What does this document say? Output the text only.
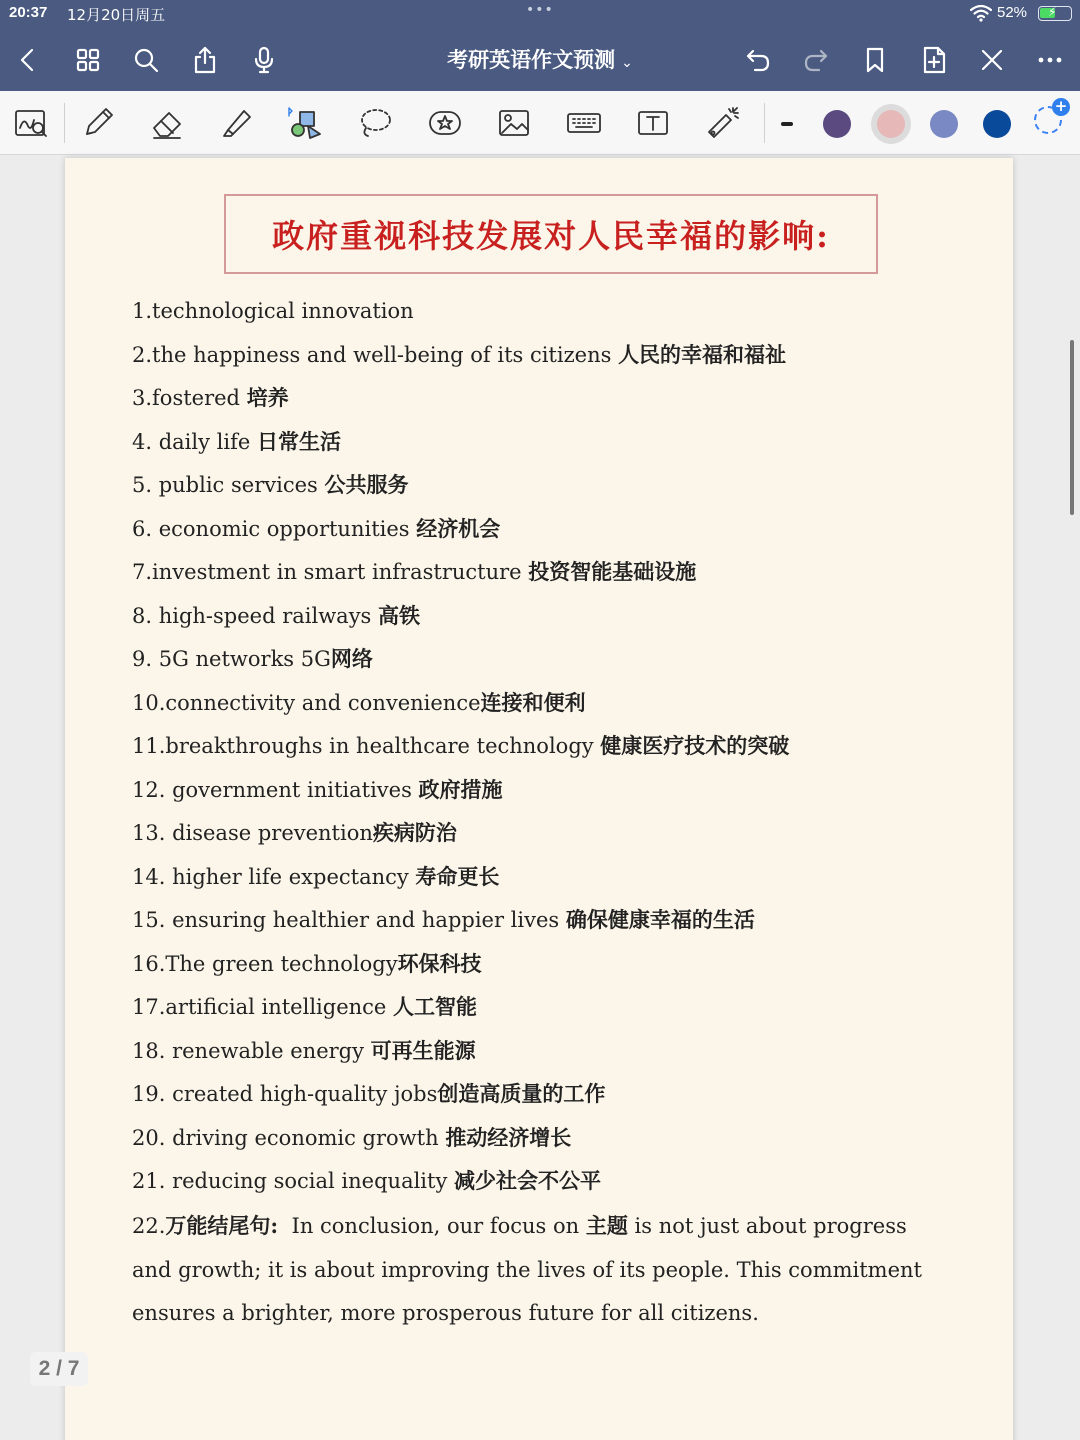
20:37 12月20日周五	•••	52% ⚡
考研英语作文预测 ⌄
+
政府重视科技发展对人民幸福的影响:
1.technological innovation
2.the happiness and well-being of its citizens 人民的幸福和福祉
3.fostered 培养
4. daily life 日常生活
5. public services 公共服务
6. economic opportunities 经济机会
7.investment in smart infrastructure 投资智能基础设施
8. high-speed railways 高铁
9. 5G networks 5G网络
10.connectivity and convenience连接和便利
11.breakthroughs in healthcare technology 健康医疗技术的突破
12. government initiatives 政府措施
13. disease prevention疾病防治
14. higher life expectancy 寿命更长
15. ensuring healthier and happier lives 确保健康幸福的生活
16.The green technology环保科技
17.artificial intelligence 人工智能
18. renewable energy 可再生能源
19. created high-quality jobs创造高质量的工作
20. driving economic growth 推动经济增长
21. reducing social inequality 减少社会不公平
22.万能结尾句: In conclusion, our focus on 主题 is not just about progress and growth; it is about improving the lives of its people. This commitment ensures a brighter, more prosperous future for all citizens.
2 / 7
